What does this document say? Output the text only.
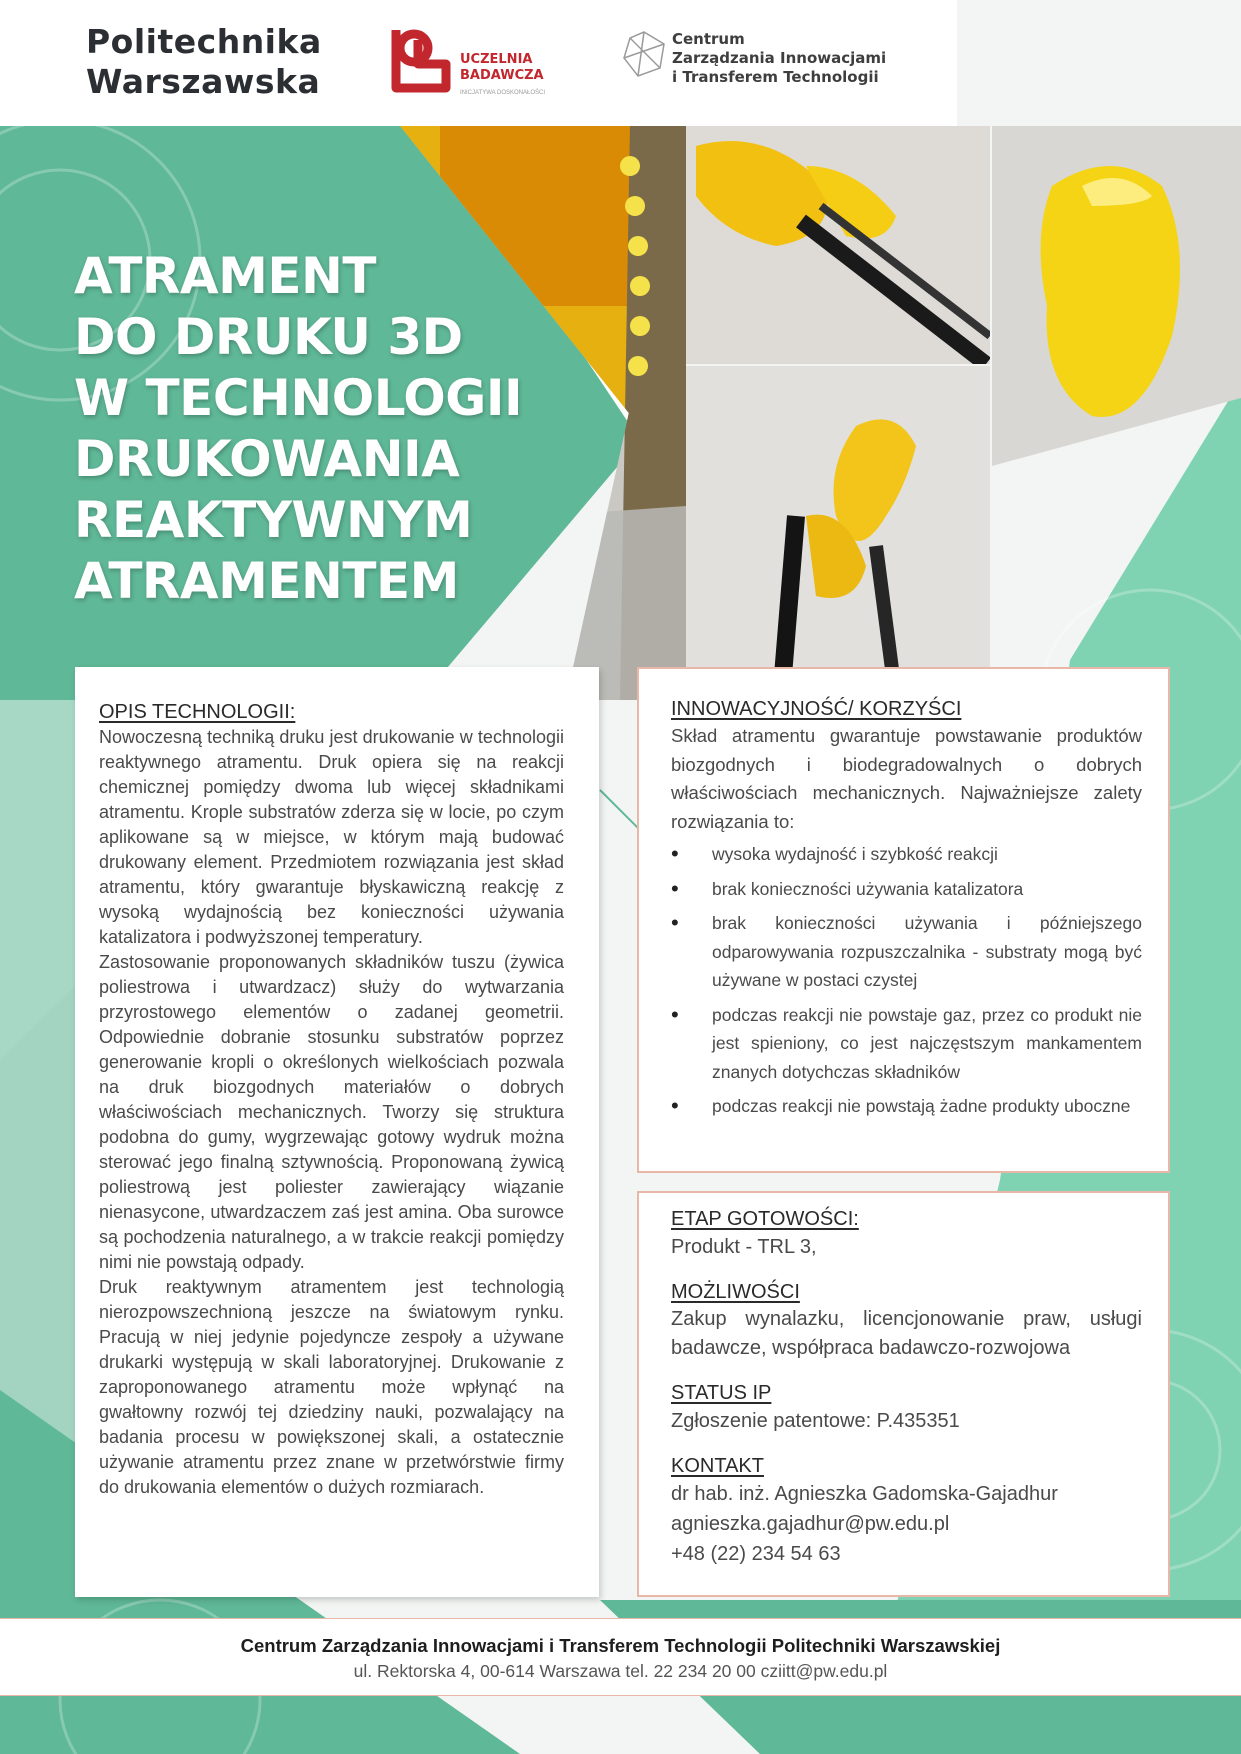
Politechnika
Warszawska
UCZELNIA
BADAWCZA
INICJATYWA DOSKONAŁOŚCI
Centrum
Zarządzania Innowacjami
i Transferem Technologii
ATRAMENT
DO DRUKU 3D
W TECHNOLOGII
DRUKOWANIA
REAKTYWNYM
ATRAMENTEM
OPIS TECHNOLOGII:
Nowoczesną techniką druku jest drukowanie w technologii reaktywnego atramentu. Druk opiera się na reakcji chemicznej pomiędzy dwoma lub więcej składnikami atramentu. Krople substratów zderza się w locie, po czym aplikowane są w miejsce, w którym mają budować drukowany element. Przedmiotem rozwiązania jest skład atramentu, który gwarantuje błyskawiczną reakcję z wysoką wydajnością bez konieczności używania katalizatora i podwyższonej temperatury.
Zastosowanie proponowanych składników tuszu (żywica poliestrowa i utwardzacz) służy do wytwarzania przyrostowego elementów o zadanej geometrii. Odpowiednie dobranie stosunku substratów poprzez generowanie kropli o określonych wielkościach pozwala na druk biozgodnych materiałów o dobrych właściwościach mechanicznych. Tworzy się struktura podobna do gumy, wygrzewając gotowy wydruk można sterować jego finalną sztywnością. Proponowaną żywicą poliestrową jest poliester zawierający wiązanie nienasycone, utwardzaczem zaś jest amina. Oba surowce są pochodzenia naturalnego, a w trakcie reakcji pomiędzy nimi nie powstają odpady.
Druk reaktywnym atramentem jest technologią nierozpowszechnioną jeszcze na światowym rynku. Pracują w niej jedynie pojedyncze zespoły a używane drukarki występują w skali laboratoryjnej. Drukowanie z zaproponowanego atramentu może wpłynąć na gwałtowny rozwój tej dziedziny nauki, pozwalający na badania procesu w powiększonej skali, a ostatecznie używanie atramentu przez znane w przetwórstwie firmy do drukowania elementów o dużych rozmiarach.
INNOWACYJNOŚĆ/ KORZYŚCI
Skład atramentu gwarantuje powstawanie produktów biozgodnych i biodegradowalnych o dobrych właściwościach mechanicznych. Najważniejsze zalety rozwiązania to:
• wysoka wydajność i szybkość reakcji
• brak konieczności używania katalizatora
• brak konieczności używania i późniejszego odparowywania rozpuszczalnika - substraty mogą być używane w postaci czystej
• podczas reakcji nie powstaje gaz, przez co produkt nie jest spieniony, co jest najczęstszym mankamentem znanych dotychczas składników
• podczas reakcji nie powstają żadne produkty uboczne
ETAP GOTOWOŚCI:
Produkt - TRL 3,
MOŻLIWOŚCI
Zakup wynalazku, licencjonowanie praw, usługi badawcze, współpraca badawczo-rozwojowa
STATUS IP
Zgłoszenie patentowe: P.435351
KONTAKT
dr hab. inż. Agnieszka Gadomska-Gajadhur
agnieszka.gajadhur@pw.edu.pl
+48 (22) 234 54 63
Centrum Zarządzania Innowacjami i Transferem Technologii Politechniki Warszawskiej
ul. Rektorska 4, 00-614 Warszawa tel. 22 234 20 00 cziitt@pw.edu.pl
